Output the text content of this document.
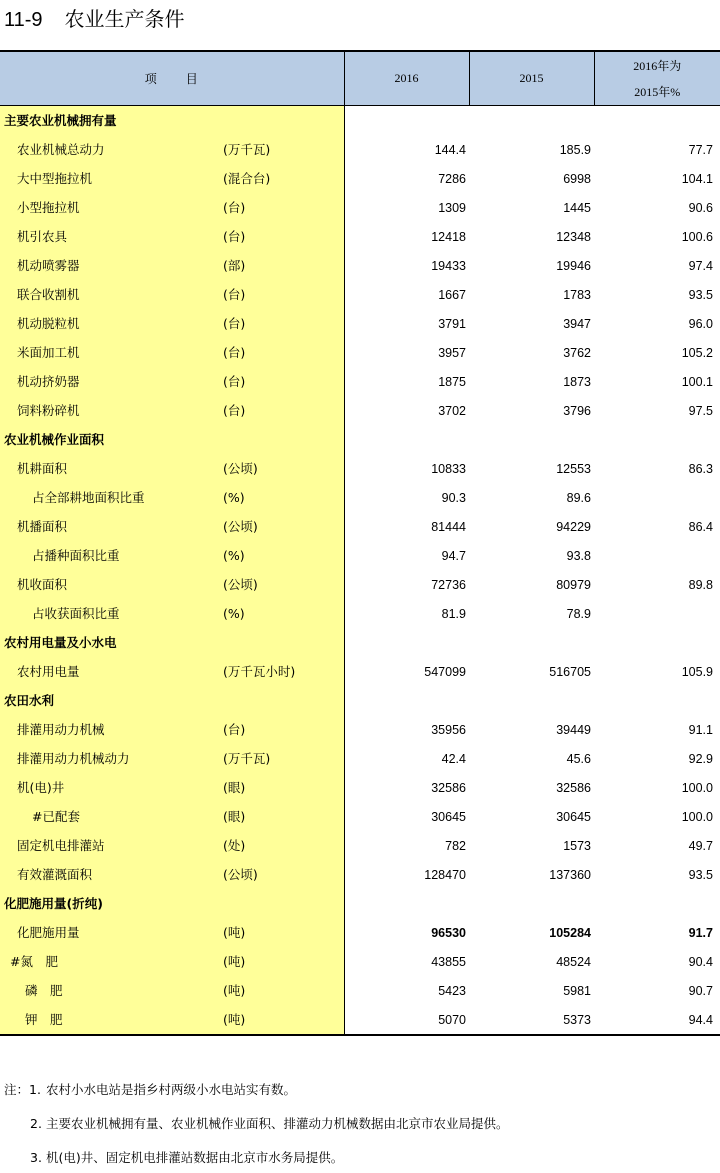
11-9 农业生产条件
项 目	2016	2015	2016年为
2015年%

主要农业机械拥有量			

农业机械总动力 (万千瓦)	144.4	185.9	77.7

大中型拖拉机 (混合台)	7286	6998	104.1

小型拖拉机 (台)	1309	1445	90.6

机引农具 (台)	12418	12348	100.6

机动喷雾器 (部)	19433	19946	97.4

联合收割机 (台)	1667	1783	93.5

机动脱粒机 (台)	3791	3947	96.0

米面加工机 (台)	3957	3762	105.2

机动挤奶器 (台)	1875	1873	100.1

饲料粉碎机 (台)	3702	3796	97.5

农业机械作业面积			

机耕面积 (公顷)	10833	12553	86.3

占全部耕地面积比重 (%)	90.3	89.6	

机播面积 (公顷)	81444	94229	86.4

占播种面积比重 (%)	94.7	93.8	

机收面积 (公顷)	72736	80979	89.8

占收获面积比重 (%)	81.9	78.9	

农村用电量及小水电			

农村用电量 (万千瓦小时)	547099	516705	105.9

农田水利			

排灌用动力机械 (台)	35956	39449	91.1

排灌用动力机械动力 (万千瓦)	42.4	45.6	92.9

机(电)井 (眼)	32586	32586	100.0

#已配套 (眼)	30645	30645	100.0

固定机电排灌站 (处)	782	1573	49.7

有效灌溉面积 (公顷)	128470	137360	93.5

化肥施用量(折纯)			

化肥施用量 (吨)	96530	105284	91.7

#氮　肥 (吨)	43855	48524	90.4

磷　肥 (吨)	5423	5981	90.7

钾　肥 (吨)	5070	5373	94.4
注：1. 农村小水电站是指乡村两级小水电站实有数。
2. 主要农业机械拥有量、农业机械作业面积、排灌动力机械数据由北京市农业局提供。
3. 机(电)井、固定机电排灌站数据由北京市水务局提供。
